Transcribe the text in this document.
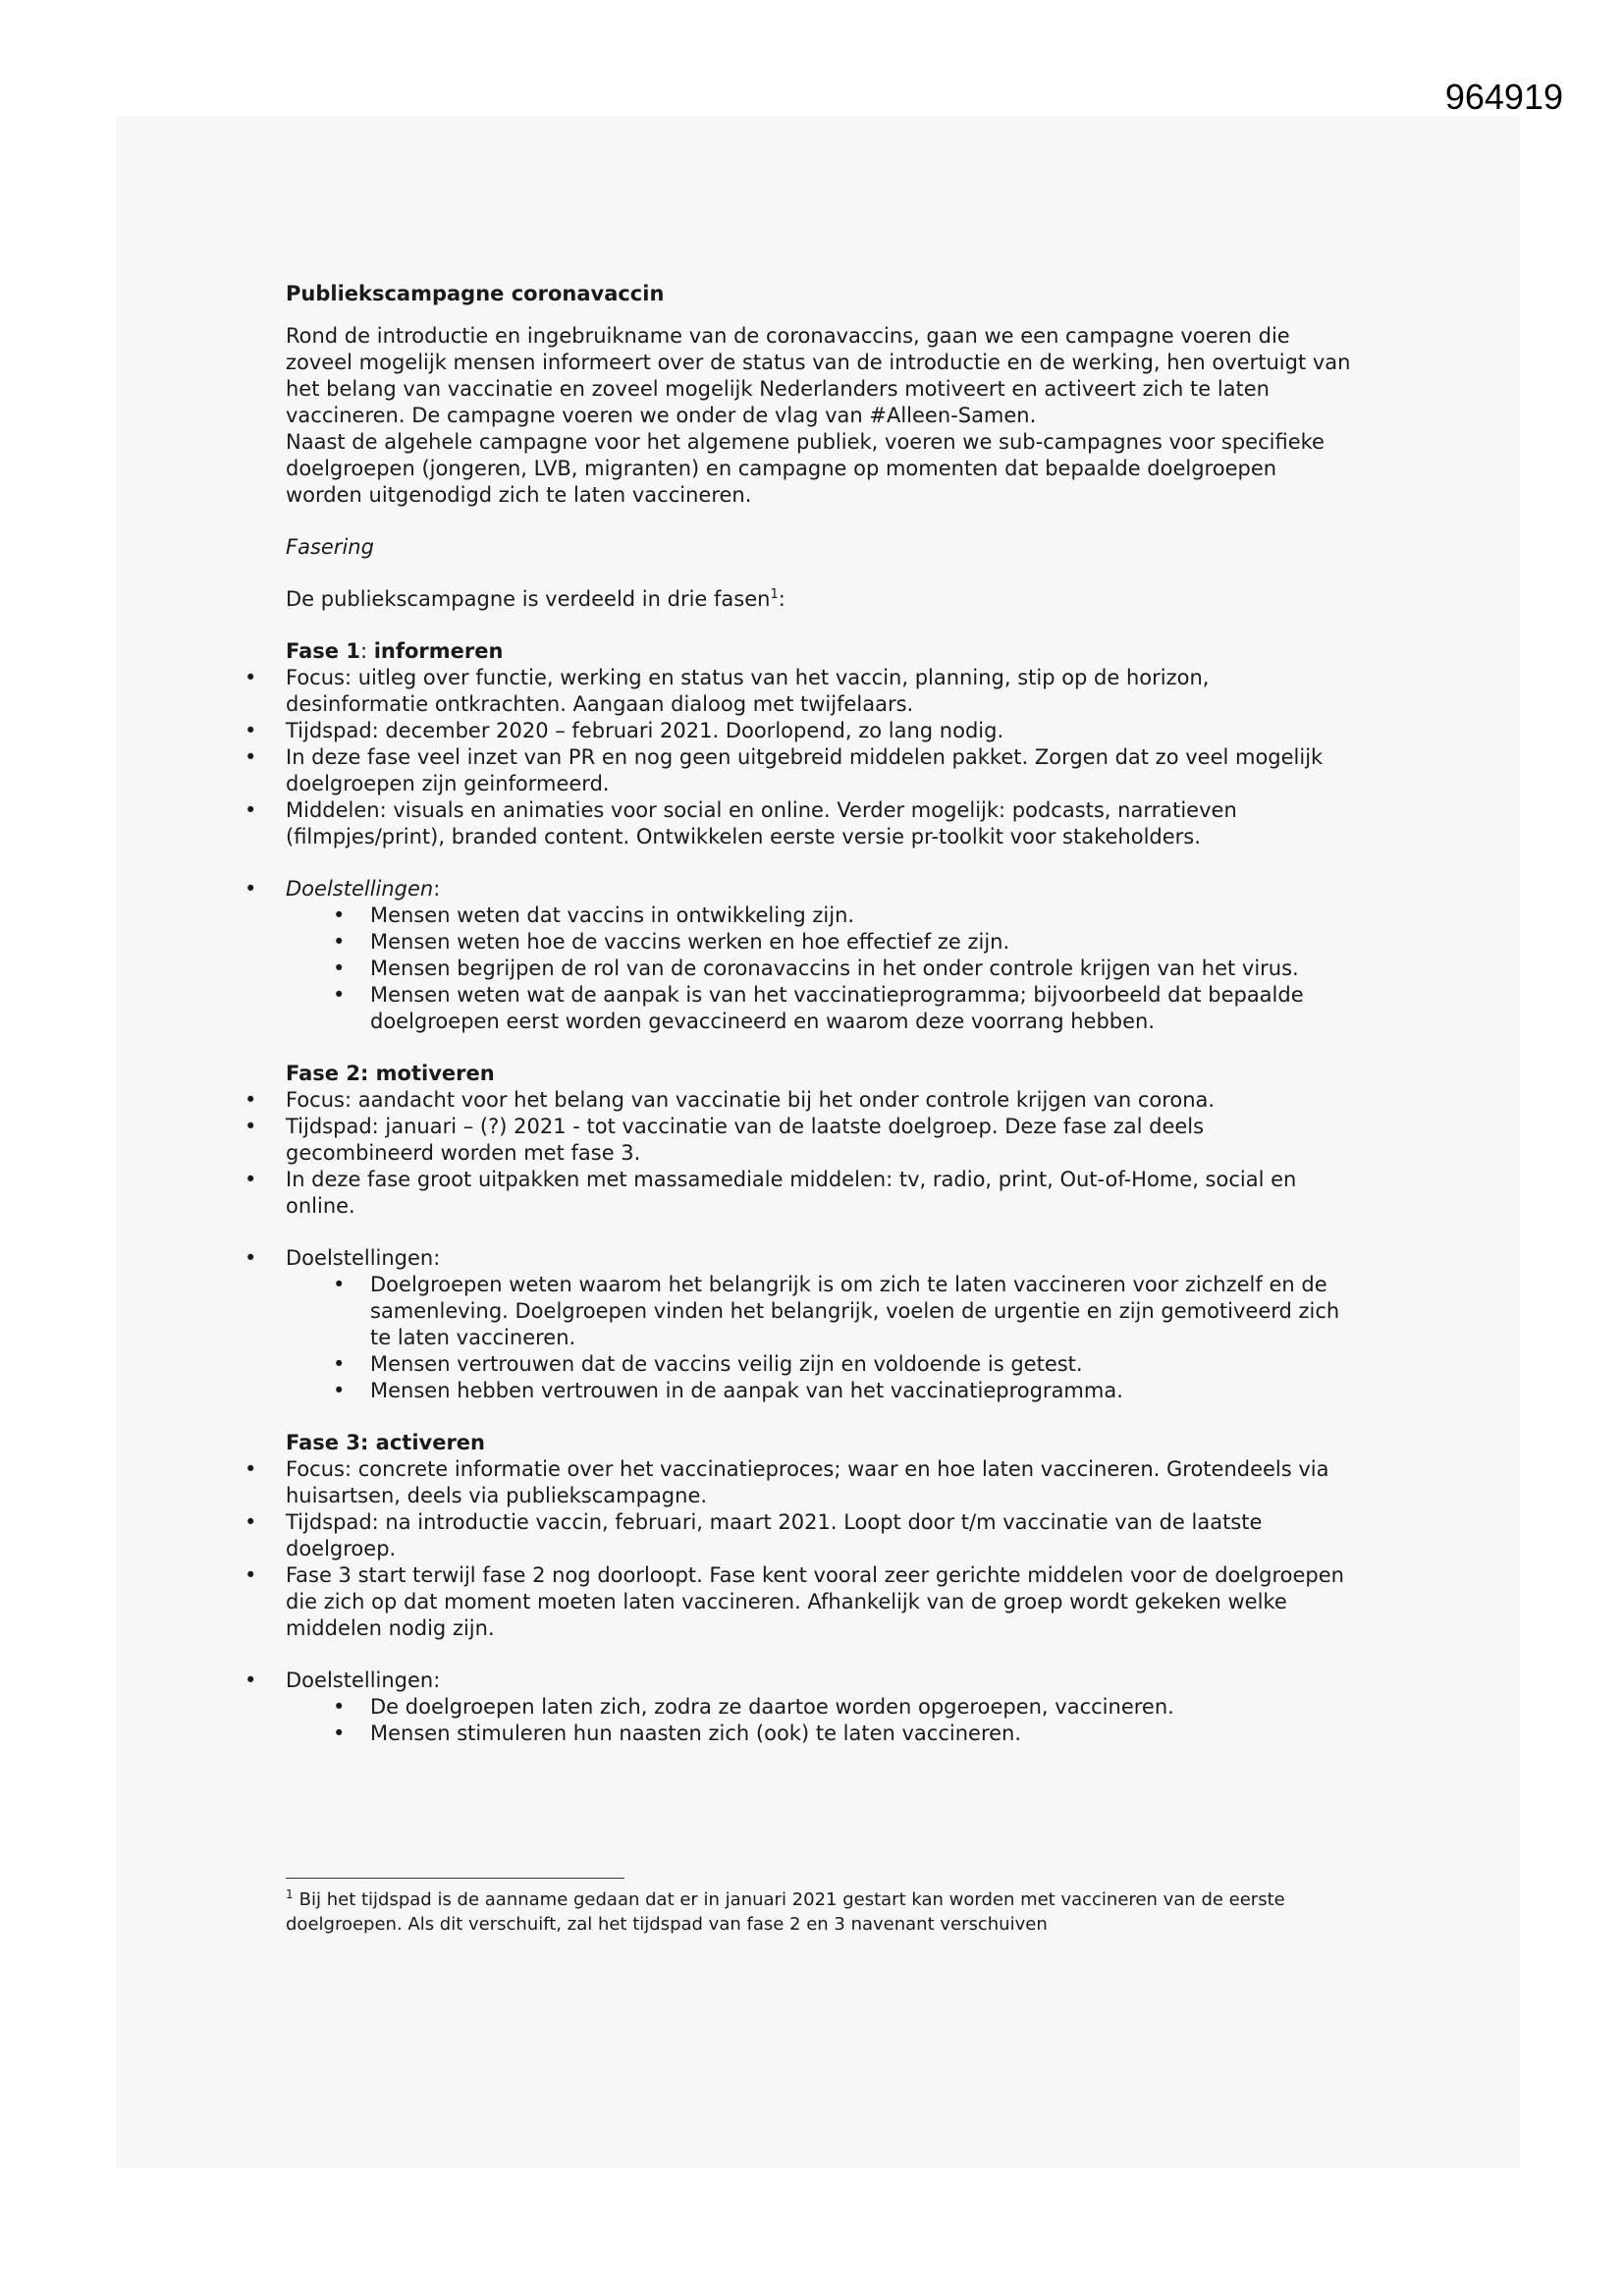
964919

Publiekscampagne coronavaccin

Rond de introductie en ingebruikname van de coronavaccins, gaan we een campagne voeren die zoveel mogelijk mensen informeert over de status van de introductie en de werking, hen overtuigt van het belang van vaccinatie en zoveel mogelijk Nederlanders motiveert en activeert zich te laten vaccineren. De campagne voeren we onder de vlag van #Alleen-Samen.

Naast de algehele campagne voor het algemene publiek, voeren we sub-campagnes voor specifieke doelgroepen (jongeren, LVB, migranten) en campagne op momenten dat bepaalde doelgroepen worden uitgenodigd zich te laten vaccineren.

Fasering

De publiekscampagne is verdeeld in drie fasen$^1$:

Fase 1: informeren

• Focus: uitleg over functie, werking en status van het vaccin, planning, stip op de horizon, desinformatie ontkrachten. Aangaan dialoog met twijfelaars.
• Tijdspad: december 2020 – februari 2021. Doorlopend, zo lang nodig.
• In deze fase veel inzet van PR en nog geen uitgebreid middelen pakket. Zorgen dat zo veel mogelijk doelgroepen zijn geinformeerd.
• Middelen: visuals en animaties voor social en online. Verder mogelijk: podcasts, narratieven (filmpjes/print), branded content. Ontwikkelen eerste versie pr-toolkit voor stakeholders.
• Doelstellingen:
• Mensen weten dat vaccins in ontwikkeling zijn.
• Mensen weten hoe de vaccins werken en hoe effectief ze zijn.
• Mensen begrijpen de rol van de coronavaccins in het onder controle krijgen van het virus.
• Mensen weten wat de aanpak is van het vaccinatieprogramma; bijvoorbeeld dat bepaalde doelgroepen eerst worden gevaccineerd en waarom deze voorrang hebben.

Fase 2: motiveren

• Focus: aandacht voor het belang van vaccinatie bij het onder controle krijgen van corona.
• Tijdspad: januari – (?) 2021 - tot vaccinatie van de laatste doelgroep. Deze fase zal deels gecombineerd worden met fase 3.
• In deze fase groot uitpakken met massamediale middelen: tv, radio, print, Out-of-Home, social en online.
• Doelstellingen:
• Doelgroepen weten waarom het belangrijk is om zich te laten vaccineren voor zichzelf en de samenleving. Doelgroepen vinden het belangrijk, voelen de urgentie en zijn gemotiveerd zich te laten vaccineren.
• Mensen vertrouwen dat de vaccins veilig zijn en voldoende is getest.
• Mensen hebben vertrouwen in de aanpak van het vaccinatieprogramma.

Fase 3: activeren

• Focus: concrete informatie over het vaccinatieproces; waar en hoe laten vaccineren. Grotendeels via huisartsen, deels via publiekscampagne.
• Tijdspad: na introductie vaccin, februari, maart 2021. Loopt door t/m vaccinatie van de laatste doelgroep.
• Fase 3 start terwijl fase 2 nog doorloopt. Fase kent vooral zeer gerichte middelen voor de doelgroepen die zich op dat moment moeten laten vaccineren. Afhankelijk van de groep wordt gekeken welke middelen nodig zijn.
• Doelstellingen:
• De doelgroepen laten zich, zodra ze daartoe worden opgeroepen, vaccineren.
• Mensen stimuleren hun naasten zich (ook) te laten vaccineren.
$^1$ Bij het tijdspad is de aanname gedaan dat er in januari 2021 gestart kan worden met vaccineren van de eerste doelgroepen. Als dit verschuift, zal het tijdspad van fase 2 en 3 navenant verschuiven
